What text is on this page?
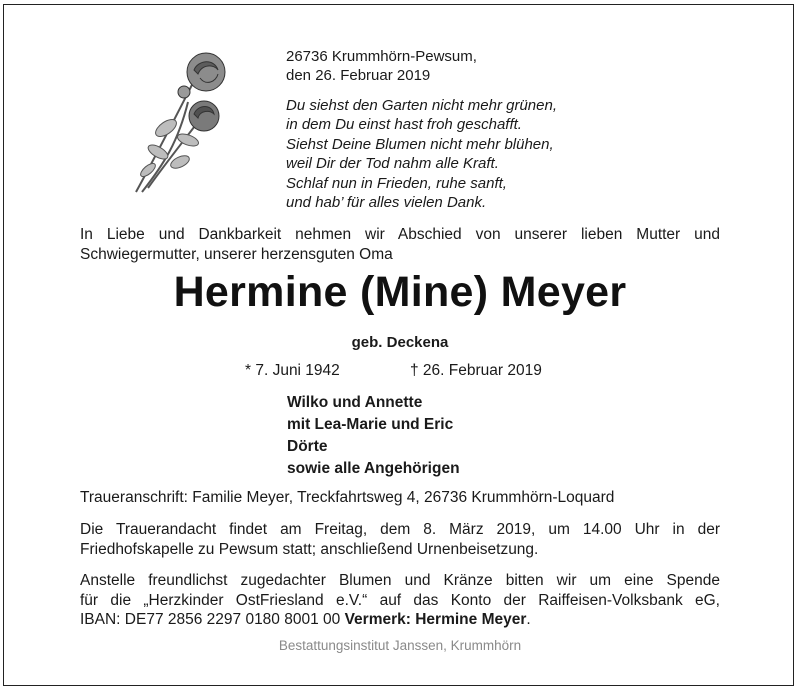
26736 Krummhörn-Pewsum,
den 26. Februar 2019
Du siehst den Garten nicht mehr grünen,
in dem Du einst hast froh geschafft.
Siehst Deine Blumen nicht mehr blühen,
weil Dir der Tod nahm alle Kraft.
Schlaf nun in Frieden, ruhe sanft,
und hab’ für alles vielen Dank.
In Liebe und Dankbarkeit nehmen wir Abschied von unserer lieben Mutter und
Schwiegermutter, unserer herzensguten Oma
Hermine (Mine) Meyer
geb. Deckena
* 7. Juni 1942	† 26. Februar 2019
Wilko und Annette
mit Lea-Marie und Eric
Dörte
sowie alle Angehörigen
Traueranschrift: Familie Meyer, Treckfahrtsweg 4, 26736 Krummhörn-Loquard
Die Trauerandacht findet am Freitag, dem 8. März 2019, um 14.00 Uhr in der
Friedhofskapelle zu Pewsum statt; anschließend Urnenbeisetzung.
Anstelle freundlichst zugedachter Blumen und Kränze bitten wir um eine Spende
für die „Herzkinder OstFriesland e.V.“ auf das Konto der Raiffeisen-Volksbank eG,
IBAN: DE77 2856 2297 0180 8001 00 Vermerk: Hermine Meyer.
Bestattungsinstitut Janssen, Krummhörn
